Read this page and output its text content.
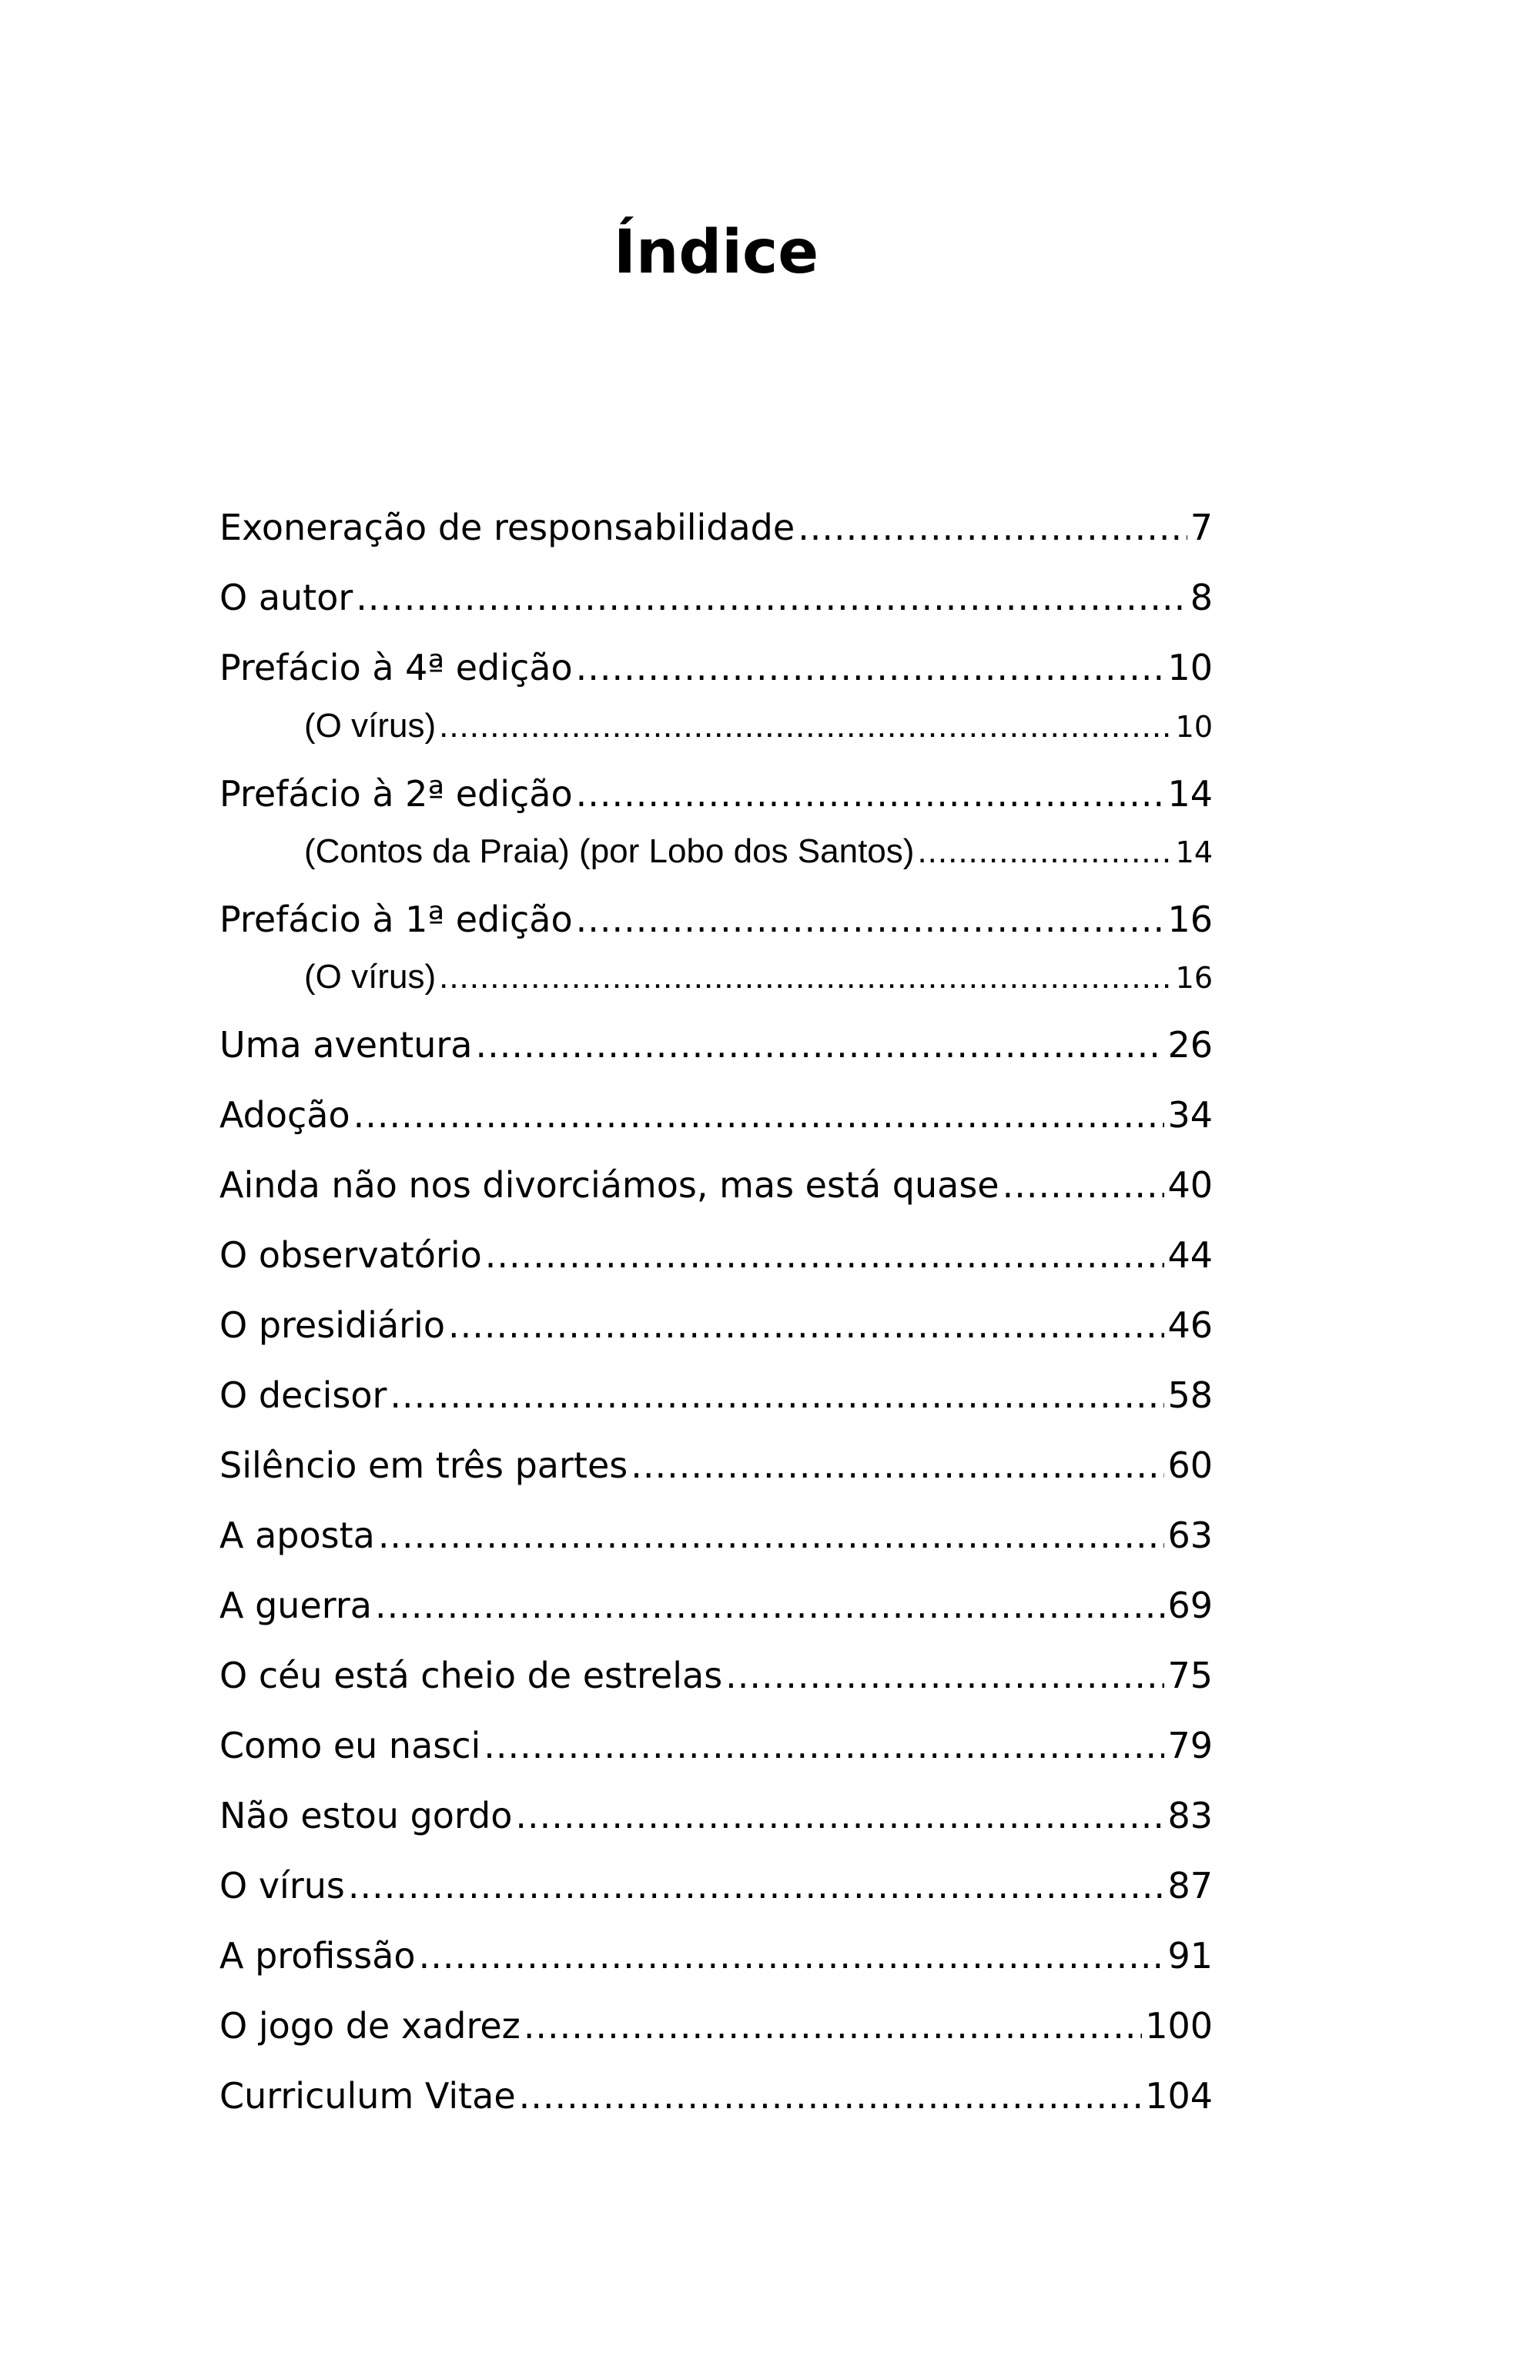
Índice
Exoneração de responsabilidade .....	7
O autor .....	8
Prefácio à 4ª edição .....	10
(O vírus) .....	10
Prefácio à 2ª edição .....	14
(Contos da Praia) (por Lobo dos Santos) .....	14
Prefácio à 1ª edição .....	16
(O vírus) .....	16
Uma aventura .....	26
Adoção .....	34
Ainda não nos divorciámos, mas está quase .....	40
O observatório .....	44
O presidiário .....	46
O decisor .....	58
Silêncio em três partes .....	60
A aposta .....	63
A guerra .....	69
O céu está cheio de estrelas .....	75
Como eu nasci .....	79
Não estou gordo .....	83
O vírus .....	87
A profissão .....	91
O jogo de xadrez .....	100
Curriculum Vitae .....	104
